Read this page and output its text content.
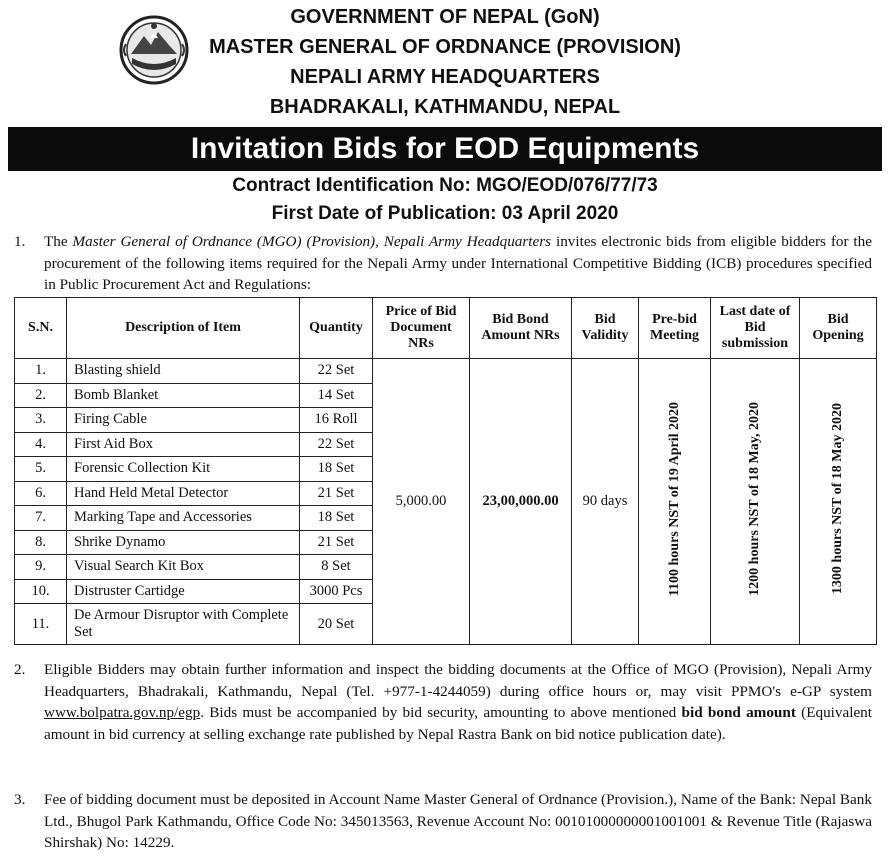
GOVERNMENT OF NEPAL (GoN)
MASTER GENERAL OF ORDNANCE (PROVISION)
NEPALI ARMY HEADQUARTERS
BHADRAKALI, KATHMANDU, NEPAL
Invitation Bids for EOD Equipments
Contract Identification No: MGO/EOD/076/77/73
First Date of Publication: 03 April 2020
1. The Master General of Ordnance (MGO) (Provision), Nepali Army Headquarters invites electronic bids from eligible bidders for the procurement of the following items required for the Nepali Army under International Competitive Bidding (ICB) procedures specified in Public Procurement Act and Regulations:
S.N.	Description of Item	Quantity	Price of Bid Document NRs	Bid Bond Amount NRs	Bid Validity	Pre-bid Meeting	Last date of Bid submission	Bid Opening
1.	Blasting shield	22 Set	5,000.00	23,00,000.00	90 days	1100 hours NST of 19 April 2020	1200 hours NST of 18 May, 2020	1300 hours NST of 18 May 2020
2.	Bomb Blanket	14 Set						
3.	Firing Cable	16 Roll						
4.	First Aid Box	22 Set						
5.	Forensic Collection Kit	18 Set						
6.	Hand Held Metal Detector	21 Set						
7.	Marking Tape and Accessories	18 Set						
8.	Shrike Dynamo	21 Set						
9.	Visual Search Kit Box	8 Set						
10.	Distruster Cartidge	3000 Pcs						
11.	De Armour Disruptor with Complete Set	20 Set						
2. Eligible Bidders may obtain further information and inspect the bidding documents at the Office of MGO (Provision), Nepali Army Headquarters, Bhadrakali, Kathmandu, Nepal (Tel. +977-1-4244059) during office hours or, may visit PPMO's e-GP system www.bolpatra.gov.np/egp. Bids must be accompanied by bid security, amounting to above mentioned bid bond amount (Equivalent amount in bid currency at selling exchange rate published by Nepal Rastra Bank on bid notice publication date).
3. Fee of bidding document must be deposited in Account Name Master General of Ordnance (Provision.), Name of the Bank: Nepal Bank Ltd., Bhugol Park Kathmandu, Office Code No: 345013563, Revenue Account No: 00101000000001001001 & Revenue Title (Rajaswa Shirshak) No: 14229.
